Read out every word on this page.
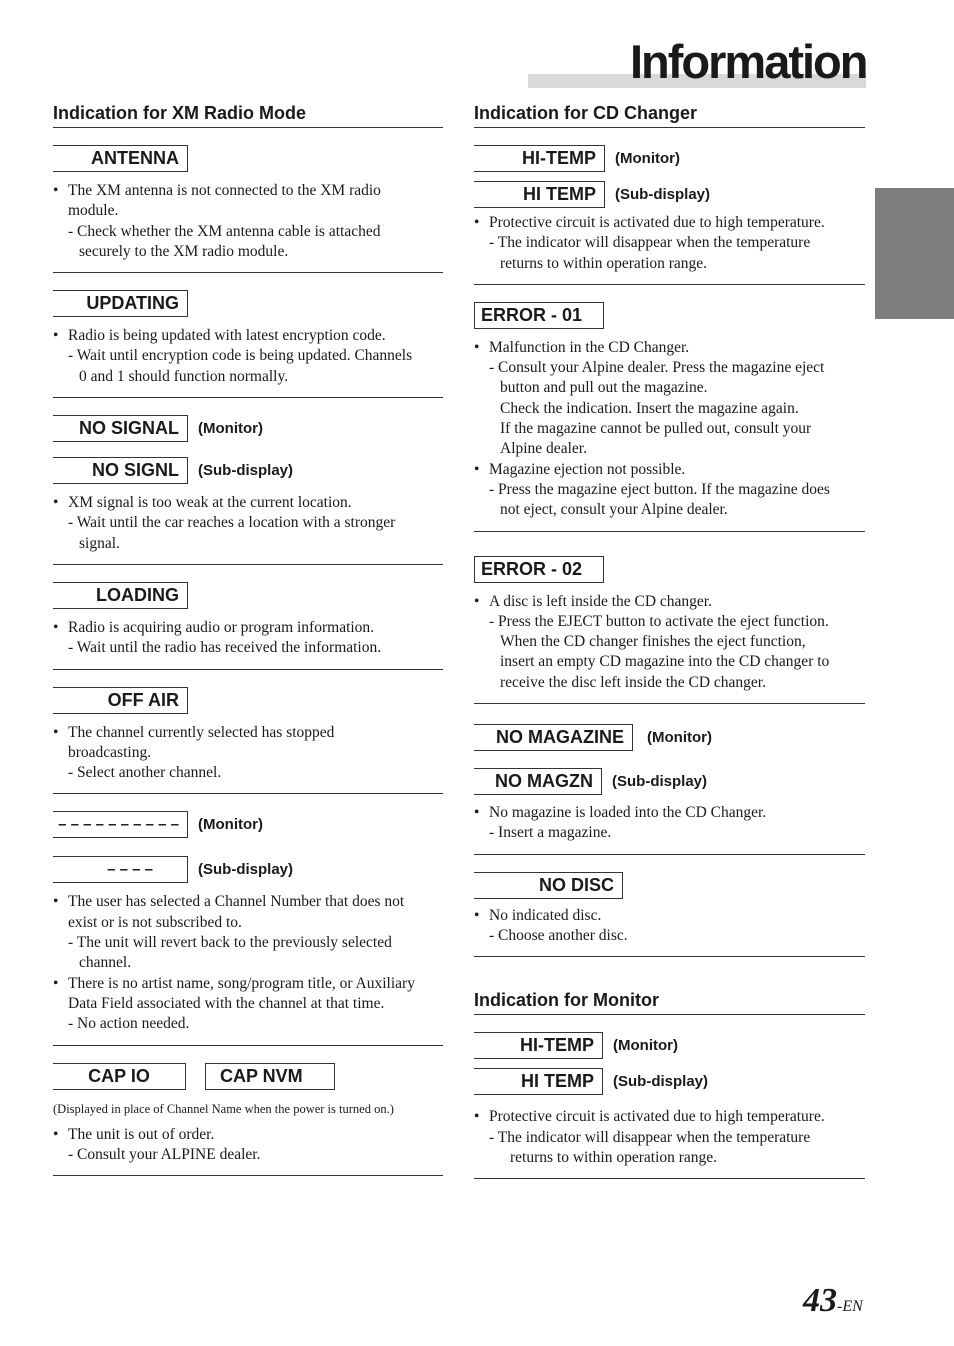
Information
Indication for XM Radio Mode
ANTENNA
• The XM antenna is not connected to the XM radio
module.
- Check whether the XM antenna cable is attached
securely to the XM radio module.
UPDATING
• Radio is being updated with latest encryption code.
- Wait until encryption code is being updated. Channels
0 and 1 should function normally.
NO SIGNAL	(Monitor)
NO SIGNL	(Sub-display)
• XM signal is too weak at the current location.
- Wait until the car reaches a location with a stronger
signal.
LOADING
• Radio is acquiring audio or program information.
- Wait until the radio has received the information.
OFF AIR
• The channel currently selected has stopped
broadcasting.
- Select another channel.
– – – – – – – – – –	(Monitor)
– – – –	(Sub-display)
• The user has selected a Channel Number that does not
exist or is not subscribed to.
- The unit will revert back to the previously selected
channel.
• There is no artist name, song/program title, or Auxiliary
Data Field associated with the channel at that time.
- No action needed.
CAP IO	CAP NVM
(Displayed in place of Channel Name when the power is turned on.)
• The unit is out of order.
- Consult your ALPINE dealer.
Indication for CD Changer
HI-TEMP	(Monitor)
HI TEMP	(Sub-display)
• Protective circuit is activated due to high temperature.
- The indicator will disappear when the temperature
returns to within operation range.
ERROR - 01
• Malfunction in the CD Changer.
- Consult your Alpine dealer. Press the magazine eject
button and pull out the magazine.
Check the indication. Insert the magazine again.
If the magazine cannot be pulled out, consult your
Alpine dealer.
• Magazine ejection not possible.
- Press the magazine eject button. If the magazine does
not eject, consult your Alpine dealer.
ERROR - 02
• A disc is left inside the CD changer.
- Press the EJECT button to activate the eject function.
When the CD changer finishes the eject function,
insert an empty CD magazine into the CD changer to
receive the disc left inside the CD changer.
NO MAGAZINE	(Monitor)
NO MAGZN	(Sub-display)
• No magazine is loaded into the CD Changer.
- Insert a magazine.
NO DISC
• No indicated disc.
- Choose another disc.
Indication for Monitor
HI-TEMP	(Monitor)
HI TEMP	(Sub-display)
• Protective circuit is activated due to high temperature.
- The indicator will disappear when the temperature
returns to within operation range.
43-EN
